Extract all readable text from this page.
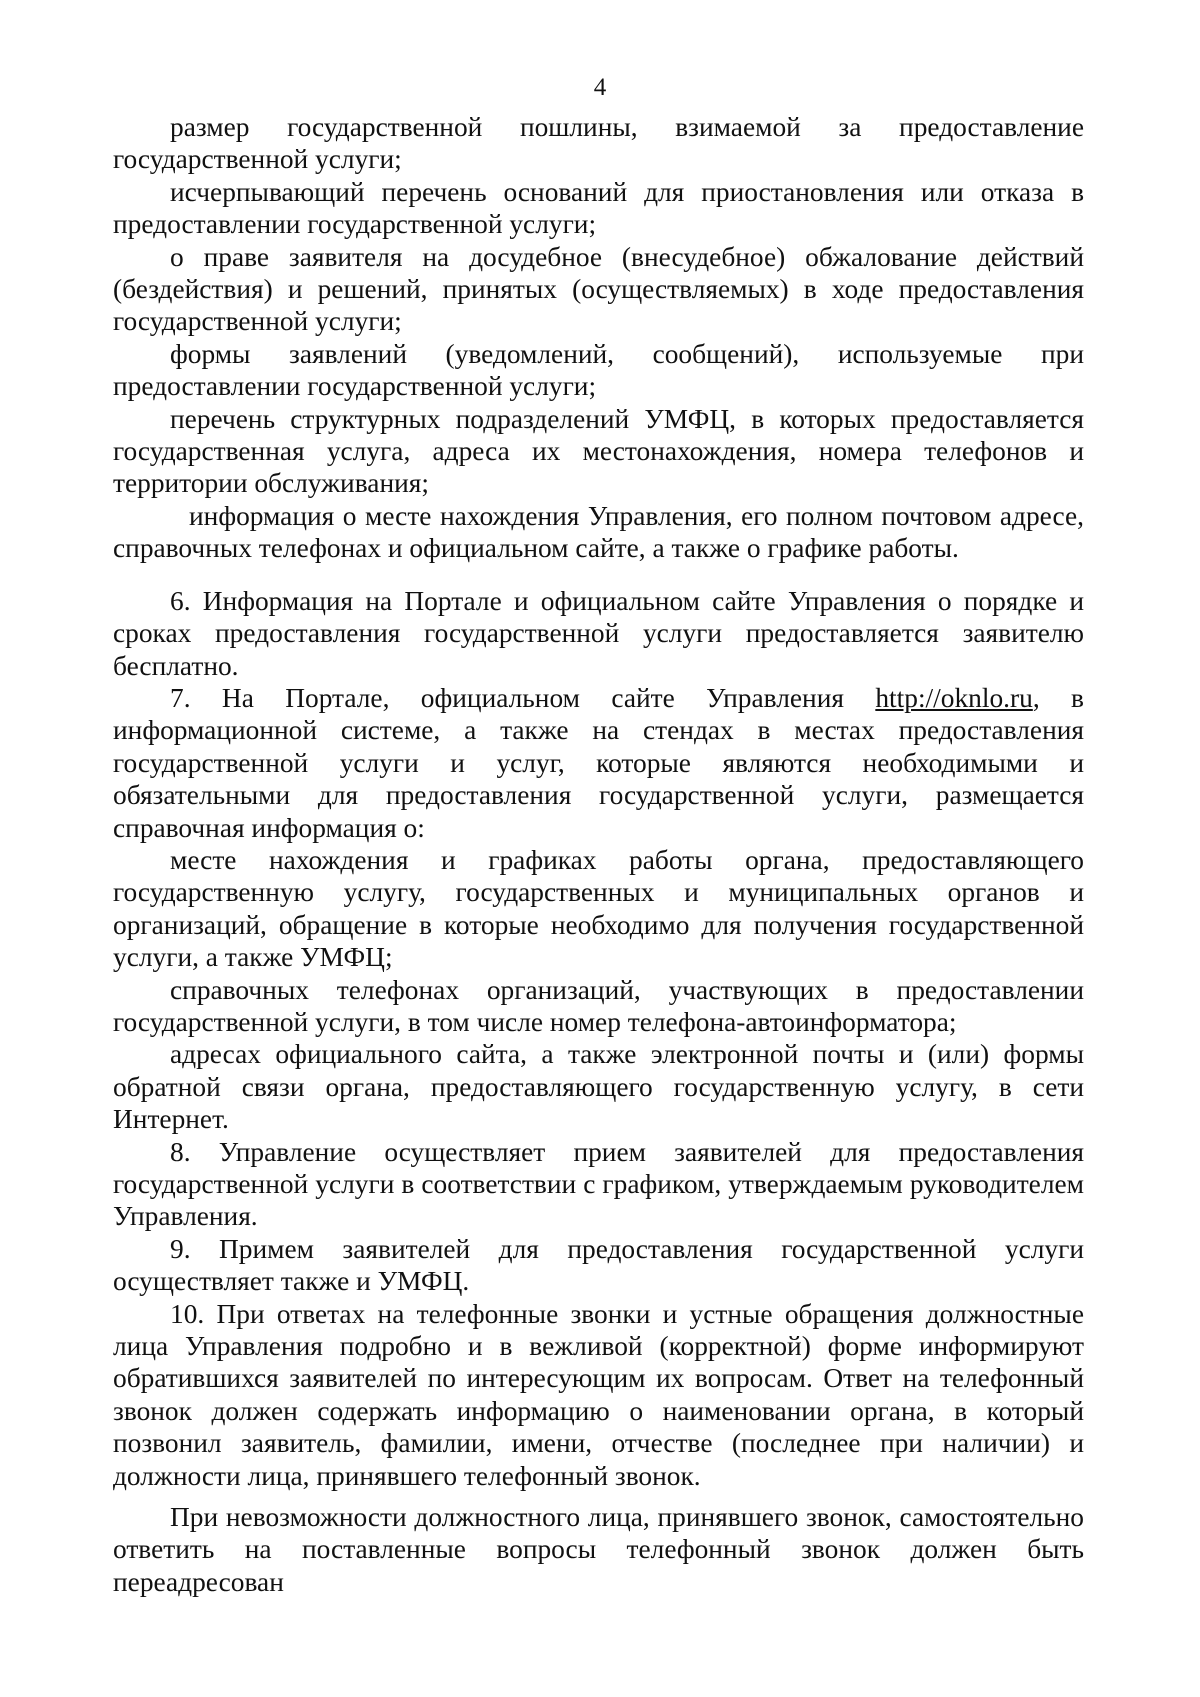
4

размер государственной пошлины, взимаемой за предоставление государственной услуги;

исчерпывающий перечень оснований для приостановления или отказа в предоставлении государственной услуги;

о праве заявителя на досудебное (внесудебное) обжалование действий (бездействия) и решений, принятых (осуществляемых) в ходе предоставления государственной услуги;

формы заявлений (уведомлений, сообщений), используемые при предоставлении государственной услуги;

перечень структурных подразделений УМФЦ, в которых предоставляется государственная услуга, адреса их местонахождения, номера телефонов и территории обслуживания;

информация о месте нахождения Управления, его полном почтовом адресе, справочных телефонах и официальном сайте, а также о графике работы.

6. Информация на Портале и официальном сайте Управления о порядке и сроках предоставления государственной услуги предоставляется заявителю бесплатно.

7. На Портале, официальном сайте Управления http://oknlo.ru, в информационной системе, а также на стендах в местах предоставления государственной услуги и услуг, которые являются необходимыми и обязательными для предоставления государственной услуги, размещается справочная информация о:

месте нахождения и графиках работы органа, предоставляющего государственную услугу, государственных и муниципальных органов и организаций, обращение в которые необходимо для получения государственной услуги, а также УМФЦ;

справочных телефонах организаций, участвующих в предоставлении государственной услуги, в том числе номер телефона-автоинформатора;

адресах официального сайта, а также электронной почты и (или) формы обратной связи органа, предоставляющего государственную услугу, в сети Интернет.

8. Управление осуществляет прием заявителей для предоставления государственной услуги в соответствии с графиком, утверждаемым руководителем Управления.

9. Примем заявителей для предоставления государственной услуги осуществляет также и УМФЦ.

10. При ответах на телефонные звонки и устные обращения должностные лица Управления подробно и в вежливой (корректной) форме информируют обратившихся заявителей по интересующим их вопросам. Ответ на телефонный звонок должен содержать информацию о наименовании органа, в который позвонил заявитель, фамилии, имени, отчестве (последнее при наличии) и должности лица, принявшего телефонный звонок.

При невозможности должностного лица, принявшего звонок, самостоятельно ответить на поставленные вопросы телефонный звонок должен быть переадресован
